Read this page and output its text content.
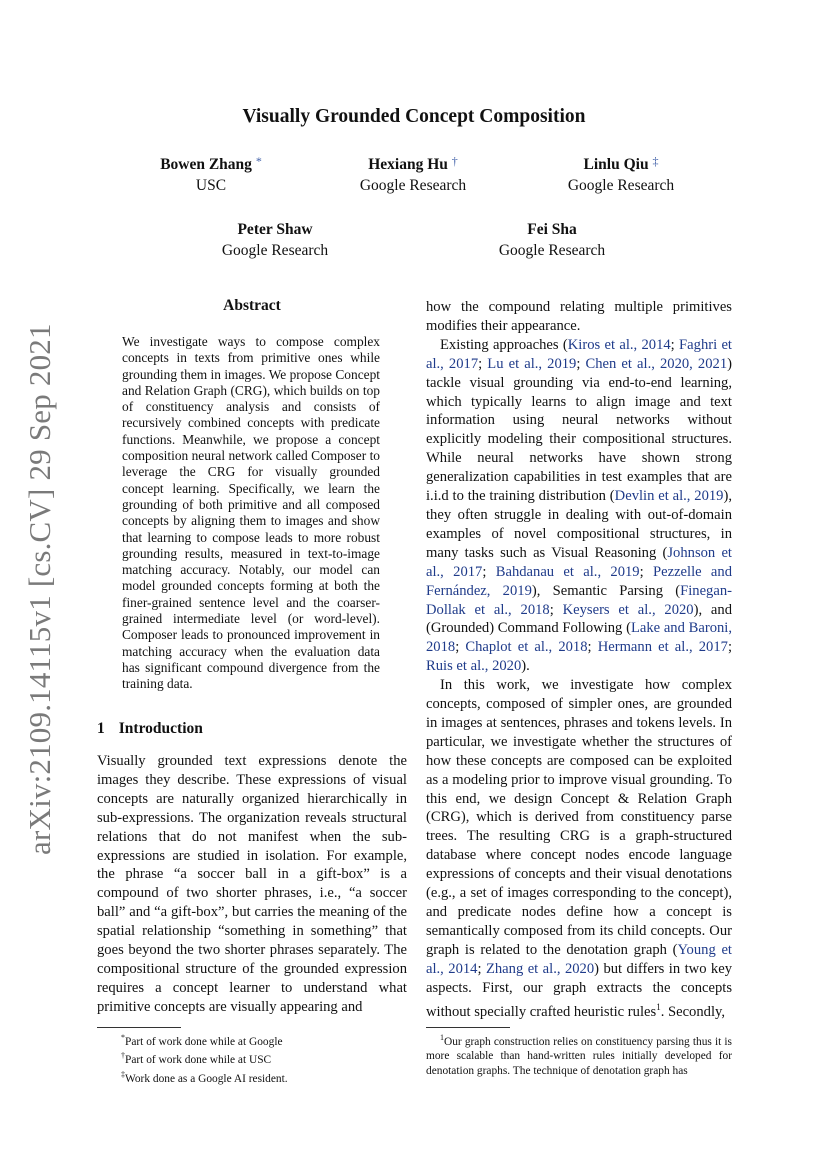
arXiv:2109.14115v1 [cs.CV] 29 Sep 2021
Visually Grounded Concept Composition
Bowen Zhang *
USC
Hexiang Hu †
Google Research
Linlu Qiu ‡
Google Research
Peter Shaw
Google Research
Fei Sha
Google Research
Abstract
We investigate ways to compose complex concepts in texts from primitive ones while grounding them in images. We propose Concept and Relation Graph (CRG), which builds on top of constituency analysis and consists of recursively combined concepts with predicate functions. Meanwhile, we propose a concept composition neural network called Composer to leverage the CRG for visually grounded concept learning. Specifically, we learn the grounding of both primitive and all composed concepts by aligning them to images and show that learning to compose leads to more robust grounding results, measured in text-to-image matching accuracy. Notably, our model can model grounded concepts forming at both the finer-grained sentence level and the coarser-grained intermediate level (or word-level). Composer leads to pronounced improvement in matching accuracy when the evaluation data has significant compound divergence from the training data.
1 Introduction
Visually grounded text expressions denote the images they describe. These expressions of visual concepts are naturally organized hierarchically in sub-expressions. The organization reveals structural relations that do not manifest when the sub-expressions are studied in isolation. For example, the phrase “a soccer ball in a gift-box” is a compound of two shorter phrases, i.e., “a soccer ball” and “a gift-box”, but carries the meaning of the spatial relationship “something in something” that goes beyond the two shorter phrases separately. The compositional structure of the grounded expression requires a concept learner to understand what primitive concepts are visually appearing and

how the compound relating multiple primitives modifies their appearance.

Existing approaches (Kiros et al., 2014; Faghri et al., 2017; Lu et al., 2019; Chen et al., 2020, 2021) tackle visual grounding via end-to-end learning, which typically learns to align image and text information using neural networks without explicitly modeling their compositional structures. While neural networks have shown strong generalization capabilities in test examples that are i.i.d to the training distribution (Devlin et al., 2019), they often struggle in dealing with out-of-domain examples of novel compositional structures, in many tasks such as Visual Reasoning (Johnson et al., 2017; Bahdanau et al., 2019; Pezzelle and Fernández, 2019), Semantic Parsing (Finegan-Dollak et al., 2018; Keysers et al., 2020), and (Grounded) Command Following (Lake and Baroni, 2018; Chaplot et al., 2018; Hermann et al., 2017; Ruis et al., 2020).

In this work, we investigate how complex concepts, composed of simpler ones, are grounded in images at sentences, phrases and tokens levels. In particular, we investigate whether the structures of how these concepts are composed can be exploited as a modeling prior to improve visual grounding. To this end, we design Concept & Relation Graph (CRG), which is derived from constituency parse trees. The resulting CRG is a graph-structured database where concept nodes encode language expressions of concepts and their visual denotations (e.g., a set of images corresponding to the concept), and predicate nodes define how a concept is semantically composed from its child concepts. Our graph is related to the denotation graph (Young et al., 2014; Zhang et al., 2020) but differs in two key aspects. First, our graph extracts the concepts without specially crafted heuristic rules$^1$. Secondly,

*Part of work done while at Google
†Part of work done while at USC
‡Work done as a Google AI resident.
$^1$Our graph construction relies on constituency parsing thus it is more scalable than hand-written rules initially developed for denotation graphs. The technique of denotation graph has
